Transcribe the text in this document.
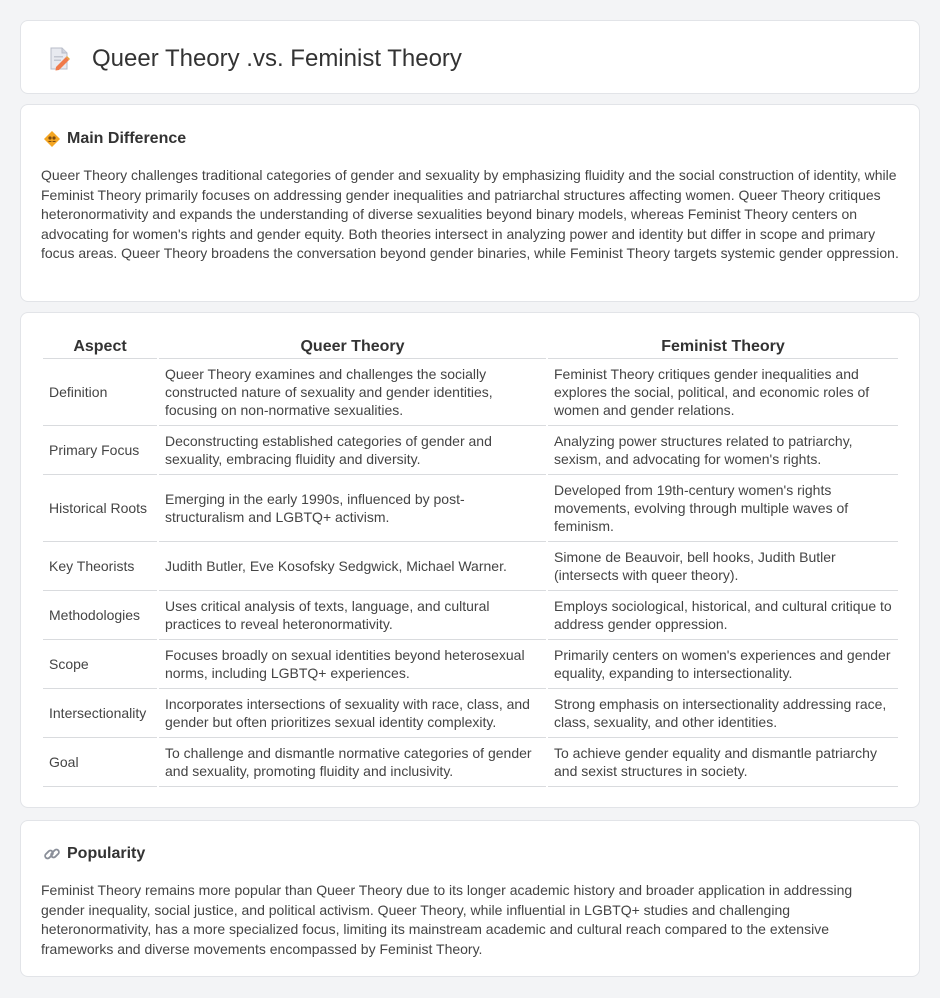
Queer Theory .vs. Feminist Theory
Main Difference

Queer Theory challenges traditional categories of gender and sexuality by emphasizing fluidity and the social construction of identity, while Feminist Theory primarily focuses on addressing gender inequalities and patriarchal structures affecting women. Queer Theory critiques heteronormativity and expands the understanding of diverse sexualities beyond binary models, whereas Feminist Theory centers on advocating for women's rights and gender equity. Both theories intersect in analyzing power and identity but differ in scope and primary focus areas. Queer Theory broadens the conversation beyond gender binaries, while Feminist Theory targets systemic gender oppression.

Aspect	Queer Theory	Feminist Theory
Definition	Queer Theory examines and challenges the socially constructed nature of sexuality and gender identities, focusing on non-normative sexualities.	Feminist Theory critiques gender inequalities and explores the social, political, and economic roles of women and gender relations.
Primary Focus	Deconstructing established categories of gender and sexuality, embracing fluidity and diversity.	Analyzing power structures related to patriarchy, sexism, and advocating for women's rights.
Historical Roots	Emerging in the early 1990s, influenced by post-structuralism and LGBTQ+ activism.	Developed from 19th-century women's rights movements, evolving through multiple waves of feminism.
Key Theorists	Judith Butler, Eve Kosofsky Sedgwick, Michael Warner.	Simone de Beauvoir, bell hooks, Judith Butler (intersects with queer theory).
Methodologies	Uses critical analysis of texts, language, and cultural practices to reveal heteronormativity.	Employs sociological, historical, and cultural critique to address gender oppression.
Scope	Focuses broadly on sexual identities beyond heterosexual norms, including LGBTQ+ experiences.	Primarily centers on women's experiences and gender equality, expanding to intersectionality.
Intersectionality	Incorporates intersections of sexuality with race, class, and gender but often prioritizes sexual identity complexity.	Strong emphasis on intersectionality addressing race, class, sexuality, and other identities.
Goal	To challenge and dismantle normative categories of gender and sexuality, promoting fluidity and inclusivity.	To achieve gender equality and dismantle patriarchy and sexist structures in society.
Popularity

Feminist Theory remains more popular than Queer Theory due to its longer academic history and broader application in addressing gender inequality, social justice, and political activism. Queer Theory, while influential in LGBTQ+ studies and challenging heteronormativity, has a more specialized focus, limiting its mainstream academic and cultural reach compared to the extensive frameworks and diverse movements encompassed by Feminist Theory.
